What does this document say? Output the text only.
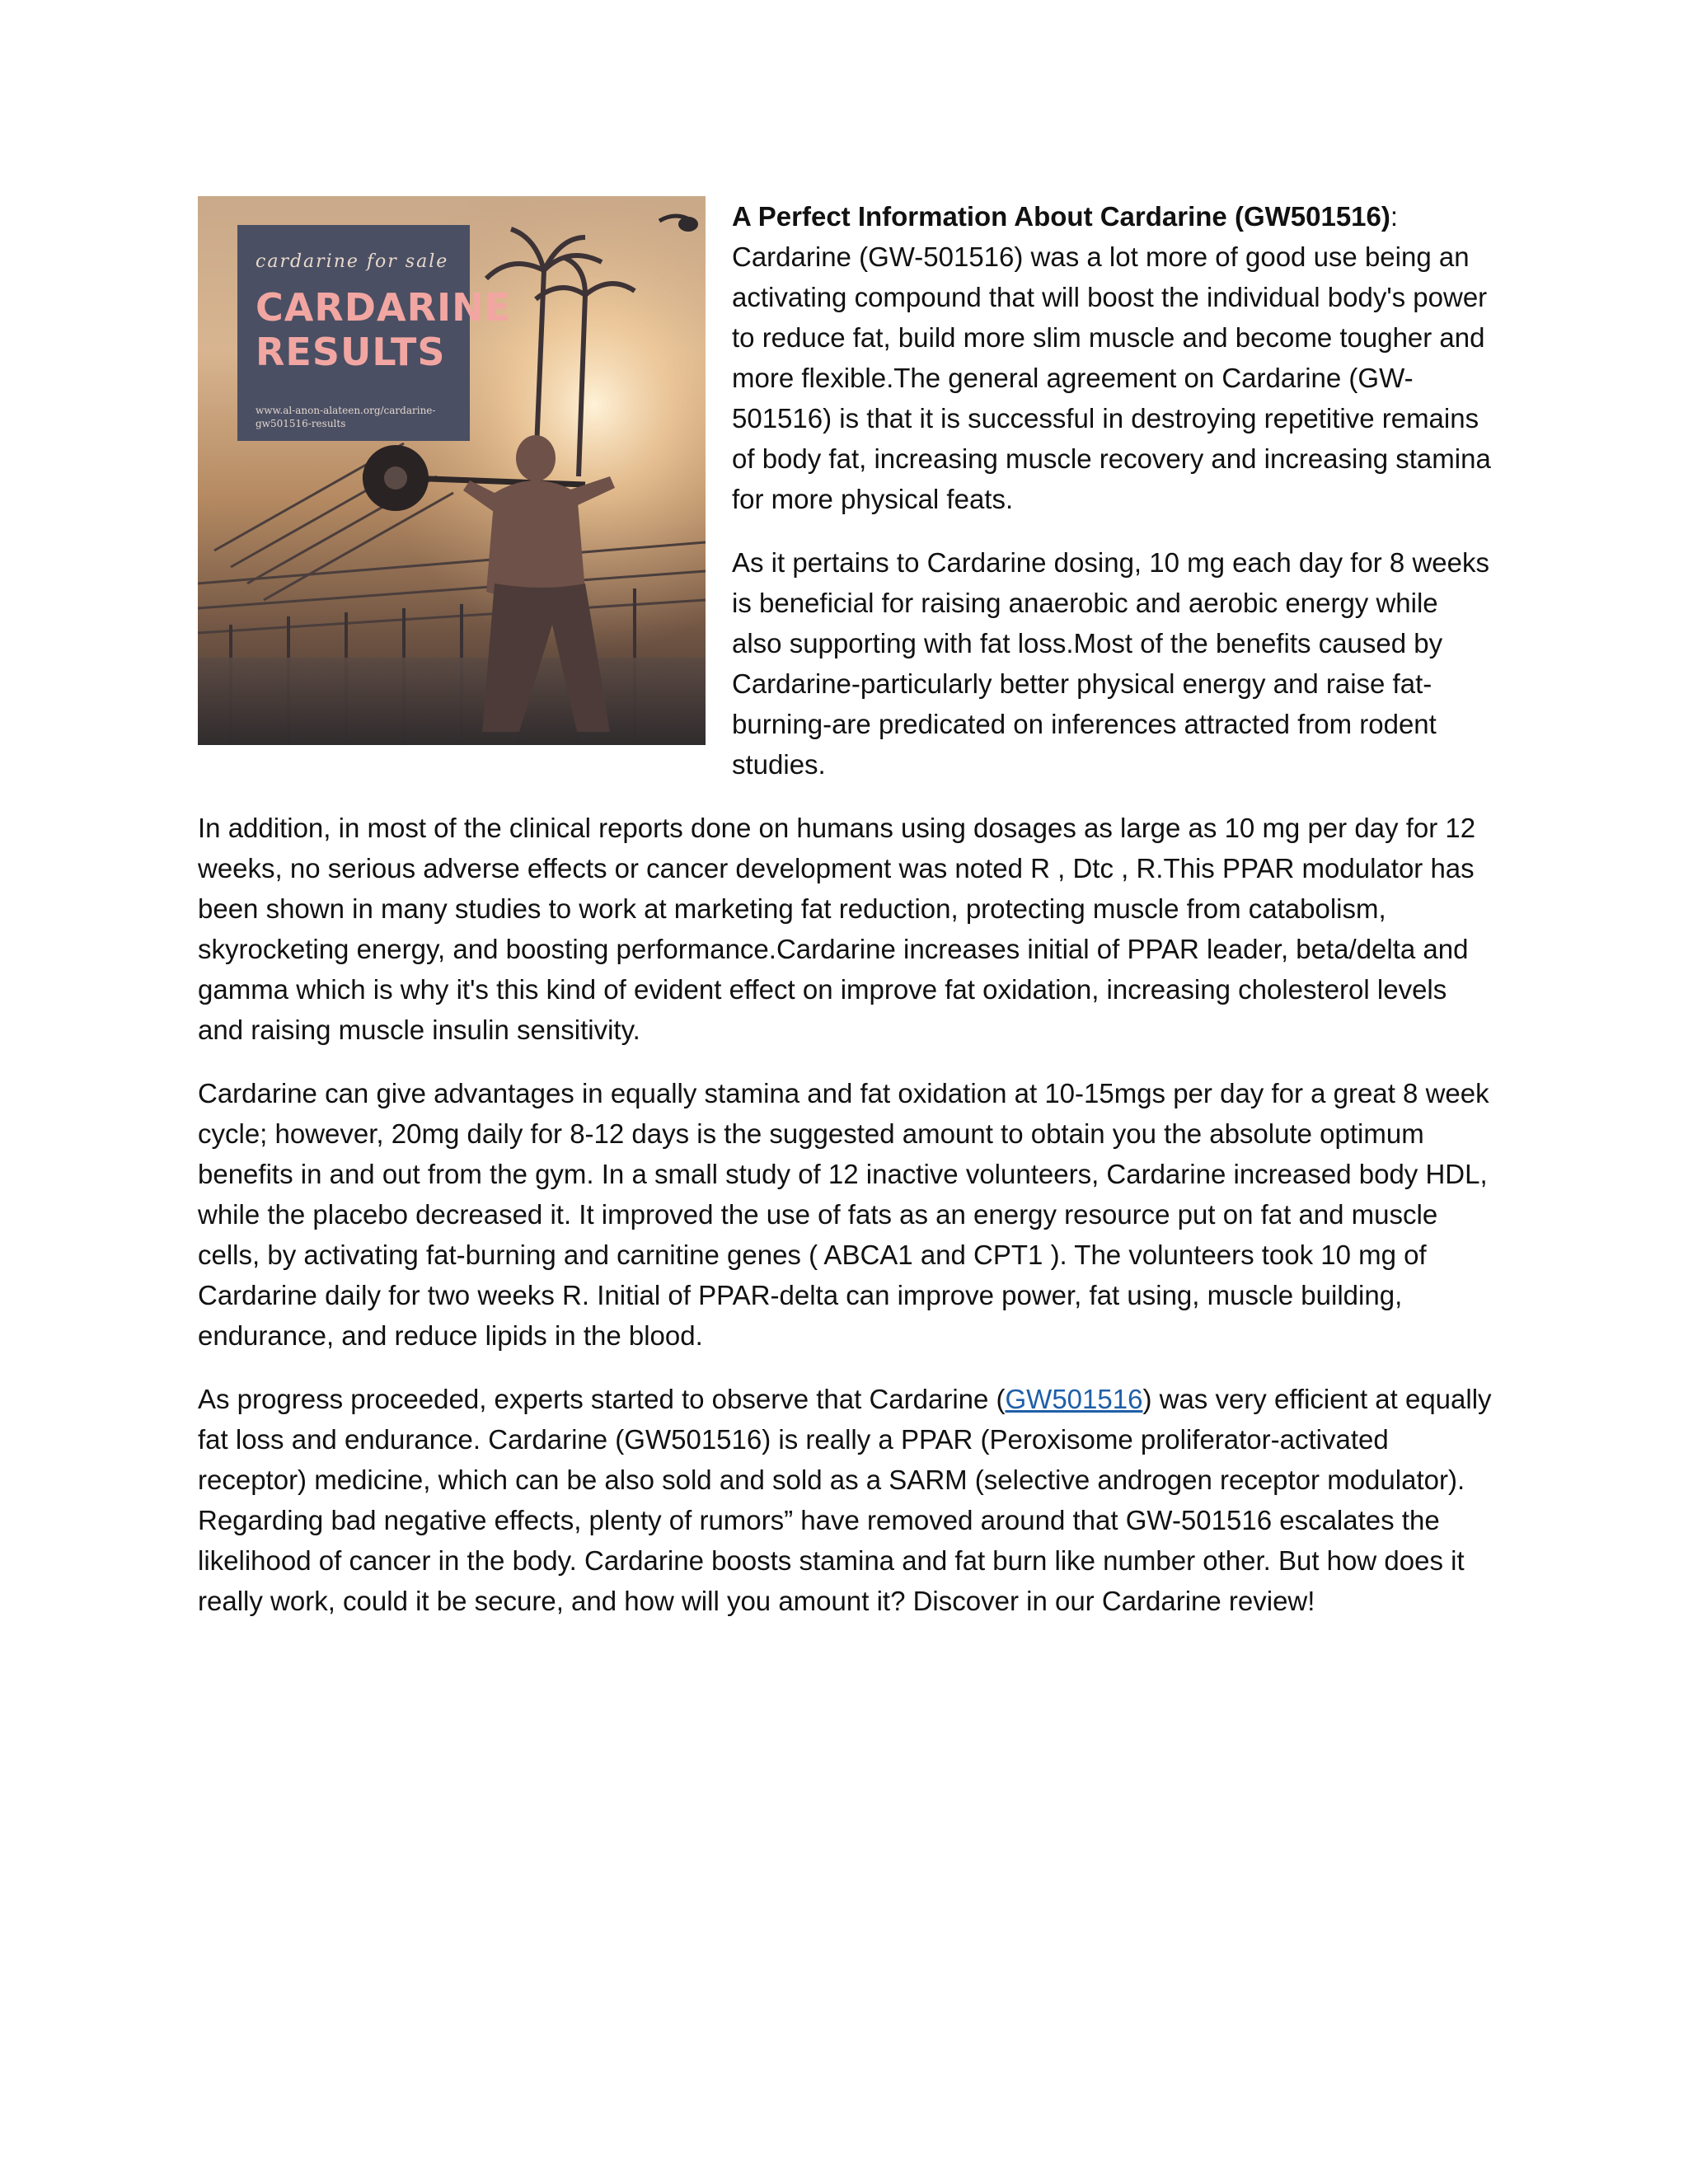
cardarine for sale
CARDARINE
RESULTS
www.al-anon-alateen.org/cardarine-gw501516-results

A Perfect Information About Cardarine (GW501516):

Cardarine (GW-501516) was a lot more of good use being an activating compound that will boost the individual body's power to reduce fat, build more slim muscle and become tougher and more flexible.The general agreement on Cardarine (GW-501516) is that it is successful in destroying repetitive remains of body fat, increasing muscle recovery and increasing stamina for more physical feats.

As it pertains to Cardarine dosing, 10 mg each day for 8 weeks is beneficial for raising anaerobic and aerobic energy while also supporting with fat loss.Most of the benefits caused by Cardarine-particularly better physical energy and raise fat-burning-are predicated on inferences attracted from rodent studies.

In addition, in most of the clinical reports done on humans using dosages as large as 10 mg per day for 12 weeks, no serious adverse effects or cancer development was noted R , Dtc , R.This PPAR modulator has been shown in many studies to work at marketing fat reduction, protecting muscle from catabolism, skyrocketing energy, and boosting performance.Cardarine increases initial of PPAR leader, beta/delta and gamma which is why it's this kind of evident effect on improve fat oxidation, increasing cholesterol levels and raising muscle insulin sensitivity.

Cardarine can give advantages in equally stamina and fat oxidation at 10-15mgs per day for a great 8 week cycle; however, 20mg daily for 8-12 days is the suggested amount to obtain you the absolute optimum benefits in and out from the gym. In a small study of 12 inactive volunteers, Cardarine increased body HDL, while the placebo decreased it. It improved the use of fats as an energy resource put on fat and muscle cells, by activating fat-burning and carnitine genes ( ABCA1 and CPT1 ). The volunteers took 10 mg of Cardarine daily for two weeks R. Initial of PPAR-delta can improve power, fat using, muscle building, endurance, and reduce lipids in the blood.

As progress proceeded, experts started to observe that Cardarine (GW501516) was very efficient at equally fat loss and endurance. Cardarine (GW501516) is really a PPAR (Peroxisome proliferator-activated receptor) medicine, which can be also sold and sold as a SARM (selective androgen receptor modulator). Regarding bad negative effects, plenty of rumors” have removed around that GW-501516 escalates the likelihood of cancer in the body. Cardarine boosts stamina and fat burn like number other. But how does it really work, could it be secure, and how will you amount it? Discover in our Cardarine review!
